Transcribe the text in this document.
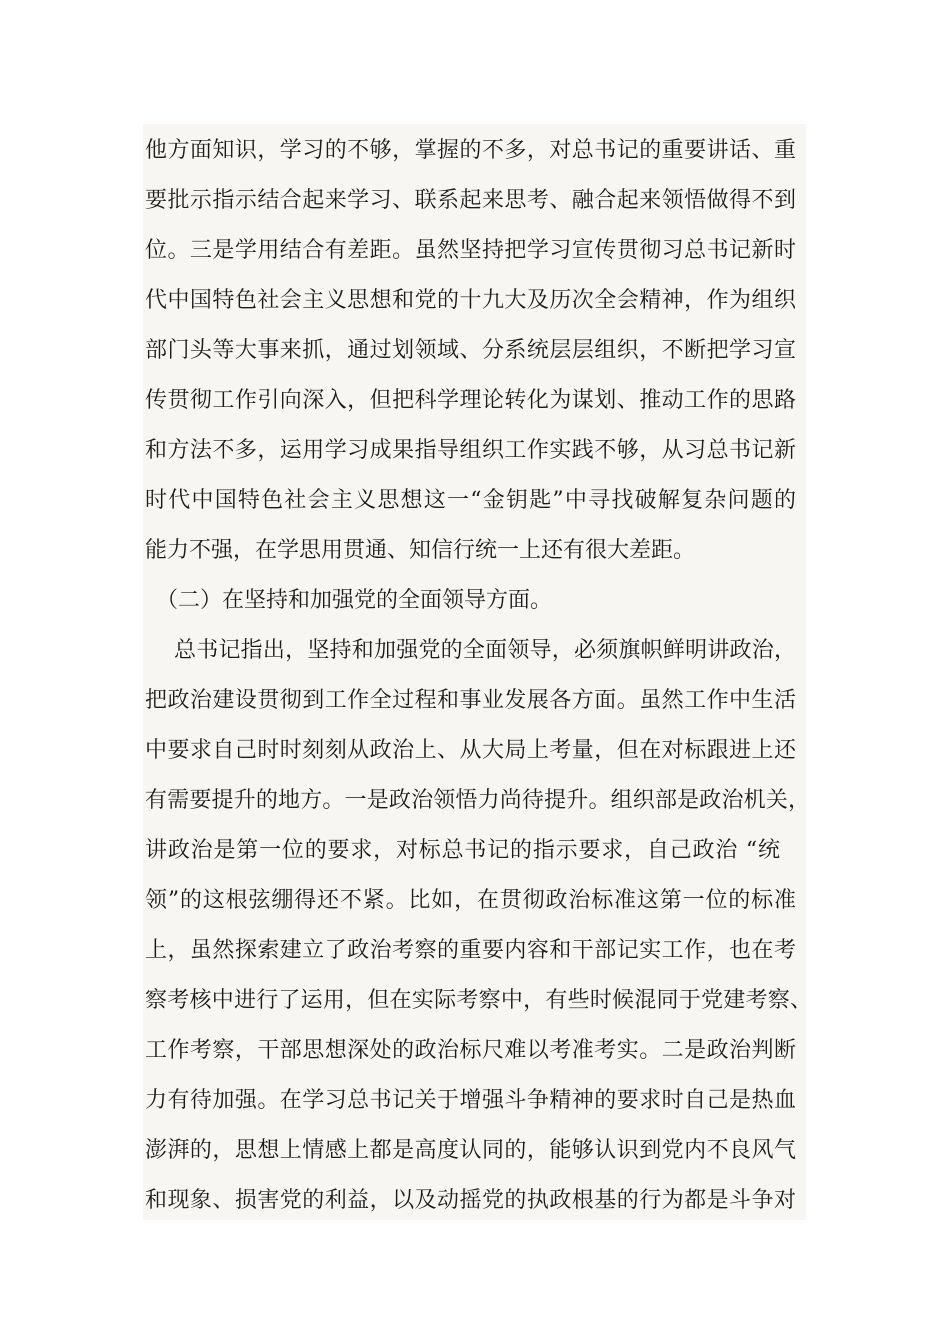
他方面知识，学习的不够，掌握的不多，对总书记的重要讲话、重
要批示指示结合起来学习、联系起来思考、融合起来领悟做得不到
位。三是学用结合有差距。虽然坚持把学习宣传贯彻习总书记新时
代中国特色社会主义思想和党的十九大及历次全会精神，作为组织
部门头等大事来抓，通过划领域、分系统层层组织，不断把学习宣
传贯彻工作引向深入，但把科学理论转化为谋划、推动工作的思路
和方法不多，运用学习成果指导组织工作实践不够，从习总书记新
时代中国特色社会主义思想这一“金钥匙”中寻找破解复杂问题的
能力不强，在学思用贯通、知信行统一上还有很大差距。
（二）在坚持和加强党的全面领导方面。
总书记指出，坚持和加强党的全面领导，必须旗帜鲜明讲政治，
把政治建设贯彻到工作全过程和事业发展各方面。虽然工作中生活
中要求自己时时刻刻从政治上、从大局上考量，但在对标跟进上还
有需要提升的地方。一是政治领悟力尚待提升。组织部是政治机关，
讲政治是第一位的要求，对标总书记的指示要求，自己政治 “统
领”的这根弦绷得还不紧。比如，在贯彻政治标准这第一位的标准
上，虽然探索建立了政治考察的重要内容和干部记实工作，也在考
察考核中进行了运用，但在实际考察中，有些时候混同于党建考察、
工作考察，干部思想深处的政治标尺难以考准考实。二是政治判断
力有待加强。在学习总书记关于增强斗争精神的要求时自己是热血
澎湃的，思想上情感上都是高度认同的，能够认识到党内不良风气
和现象、损害党的利益，以及动摇党的执政根基的行为都是斗争对
